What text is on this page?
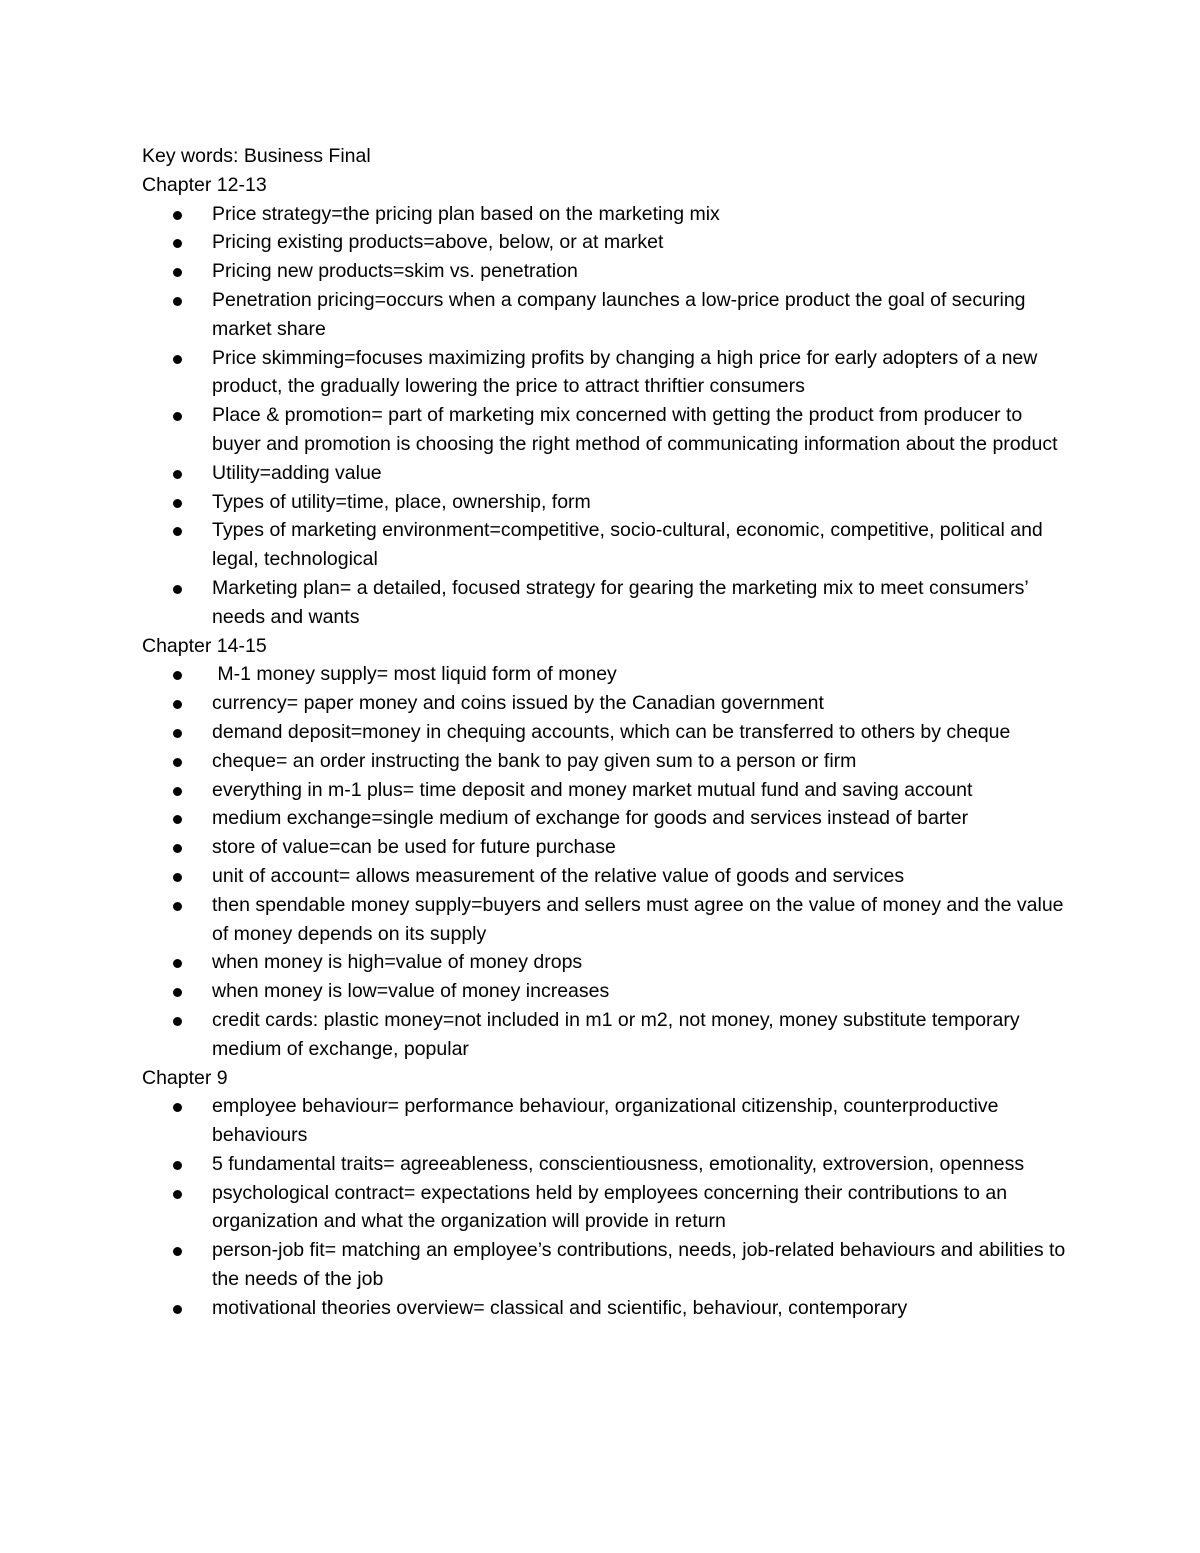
Key words: Business Final
Chapter 12-13
Price strategy=the pricing plan based on the marketing mix
Pricing existing products=above, below, or at market
Pricing new products=skim vs. penetration
Penetration pricing=occurs when a company launches a low-price product the goal of securing market share
Price skimming=focuses maximizing profits by changing a high price for early adopters of a new product, the gradually lowering the price to attract thriftier consumers
Place & promotion= part of marketing mix concerned with getting the product from producer to buyer and promotion is choosing the right method of communicating information about the product
Utility=adding value
Types of utility=time, place, ownership, form
Types of marketing environment=competitive, socio-cultural, economic, competitive, political and legal, technological
Marketing plan= a detailed, focused strategy for gearing the marketing mix to meet consumers’ needs and wants
Chapter 14-15
M-1 money supply= most liquid form of money
currency= paper money and coins issued by the Canadian government
demand deposit=money in chequing accounts, which can be transferred to others by cheque
cheque= an order instructing the bank to pay given sum to a person or firm
everything in m-1 plus= time deposit and money market mutual fund and saving account
medium exchange=single medium of exchange for goods and services instead of barter
store of value=can be used for future purchase
unit of account= allows measurement of the relative value of goods and services
then spendable money supply=buyers and sellers must agree on the value of money and the value of money depends on its supply
when money is high=value of money drops
when money is low=value of money increases
credit cards: plastic money=not included in m1 or m2, not money, money substitute temporary medium of exchange, popular
Chapter 9
employee behaviour= performance behaviour, organizational citizenship, counterproductive behaviours
5 fundamental traits= agreeableness, conscientiousness, emotionality, extroversion, openness
psychological contract= expectations held by employees concerning their contributions to an organization and what the organization will provide in return
person-job fit= matching an employee’s contributions, needs, job-related behaviours and abilities to the needs of the job
motivational theories overview= classical and scientific, behaviour, contemporary
